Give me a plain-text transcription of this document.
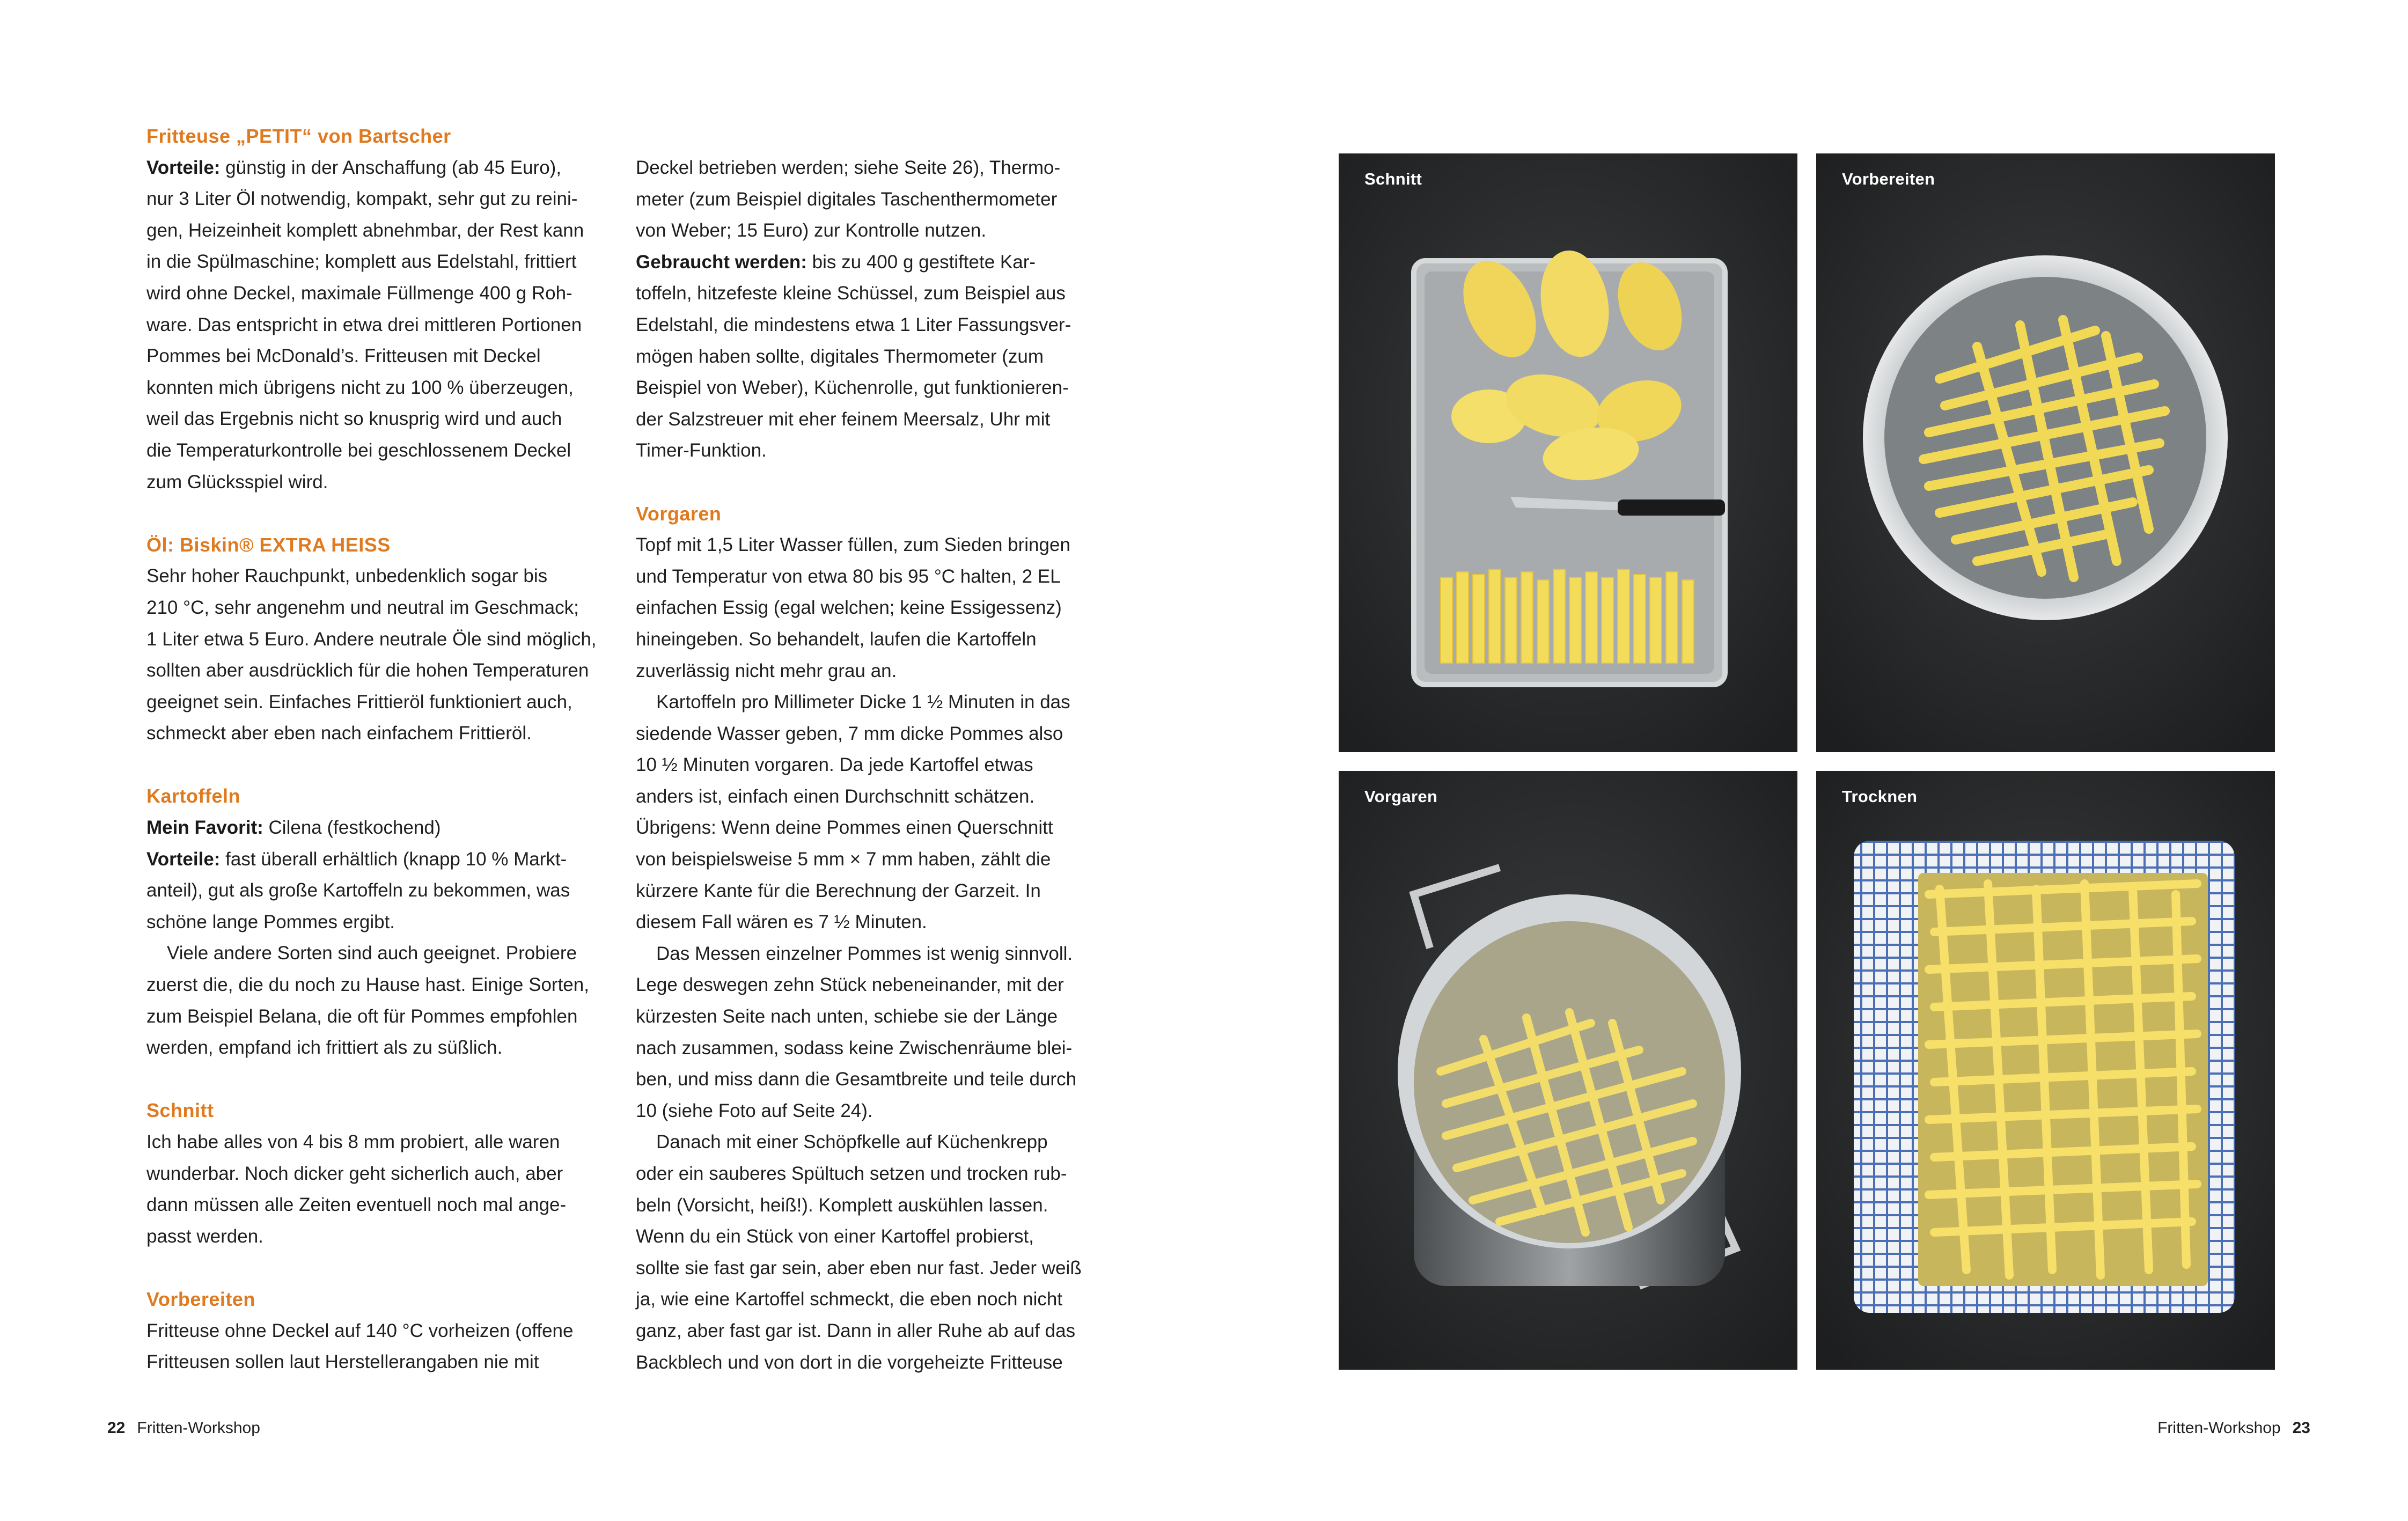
Fritteuse „PETIT“ von Bartscher

Vorteile: günstig in der Anschaffung (ab 45 Euro),

nur 3 Liter Öl notwendig, kompakt, sehr gut zu reini-

gen, Heizeinheit komplett abnehmbar, der Rest kann

in die Spülmaschine; komplett aus Edelstahl, frittiert

wird ohne Deckel, maximale Füllmenge 400 g Roh-

ware. Das entspricht in etwa drei mittleren Portionen

Pommes bei McDonald’s. Fritteusen mit Deckel

konnten mich übrigens nicht zu 100 % überzeugen,

weil das Ergebnis nicht so knusprig wird und auch

die Temperaturkontrolle bei geschlossenem Deckel

zum Glücksspiel wird.

Öl: Biskin® EXTRA HEISS

Sehr hoher Rauchpunkt, unbedenklich sogar bis

210 °C, sehr angenehm und neutral im Geschmack;

1 Liter etwa 5 Euro. Andere neutrale Öle sind möglich,

sollten aber ausdrücklich für die hohen Temperaturen

geeignet sein. Einfaches Frittieröl funktioniert auch,

schmeckt aber eben nach einfachem Frittieröl.

Kartoffeln

Mein Favorit: Cilena (festkochend)

Vorteile: fast überall erhältlich (knapp 10 % Markt-

anteil), gut als große Kartoffeln zu bekommen, was

schöne lange Pommes ergibt.

Viele andere Sorten sind auch geeignet. Probiere

zuerst die, die du noch zu Hause hast. Einige Sorten,

zum Beispiel Belana, die oft für Pommes empfohlen

werden, empfand ich frittiert als zu süßlich.

Schnitt

Ich habe alles von 4 bis 8 mm probiert, alle waren

wunderbar. Noch dicker geht sicherlich auch, aber

dann müssen alle Zeiten eventuell noch mal ange-

passt werden.

Vorbereiten

Fritteuse ohne Deckel auf 140 °C vorheizen (offene

Fritteusen sollen laut Herstellerangaben nie mit

Deckel betrieben werden; siehe Seite 26), Thermo-

meter (zum Beispiel digitales Taschenthermometer

von Weber; 15 Euro) zur Kontrolle nutzen.

Gebraucht werden: bis zu 400 g gestiftete Kar-

toffeln, hitzefeste kleine Schüssel, zum Beispiel aus

Edelstahl, die mindestens etwa 1 Liter Fassungsver-

mögen haben sollte, digitales Thermometer (zum

Beispiel von Weber), Küchenrolle, gut funktionieren-

der Salzstreuer mit eher feinem Meersalz, Uhr mit

Timer-Funktion.

Vorgaren

Topf mit 1,5 Liter Wasser füllen, zum Sieden bringen

und Temperatur von etwa 80 bis 95 °C halten, 2 EL

einfachen Essig (egal welchen; keine Essigessenz)

hineingeben. So behandelt, laufen die Kartoffeln

zuverlässig nicht mehr grau an.

Kartoffeln pro Millimeter Dicke 1 ½ Minuten in das

siedende Wasser geben, 7 mm dicke Pommes also

10 ½ Minuten vorgaren. Da jede Kartoffel etwas

anders ist, einfach einen Durchschnitt schätzen.

Übrigens: Wenn deine Pommes einen Querschnitt

von beispielsweise 5 mm × 7 mm haben, zählt die

kürzere Kante für die Berechnung der Garzeit. In

diesem Fall wären es 7 ½ Minuten.

Das Messen einzelner Pommes ist wenig sinnvoll.

Lege deswegen zehn Stück nebeneinander, mit der

kürzesten Seite nach unten, schiebe sie der Länge

nach zusammen, sodass keine Zwischenräume blei-

ben, und miss dann die Gesamtbreite und teile durch

10 (siehe Foto auf Seite 24).

Danach mit einer Schöpfkelle auf Küchenkrepp

oder ein sauberes Spültuch setzen und trocken rub-

beln (Vorsicht, heiß!). Komplett auskühlen lassen.

Wenn du ein Stück von einer Kartoffel probierst,

sollte sie fast gar sein, aber eben nur fast. Jeder weiß

ja, wie eine Kartoffel schmeckt, die eben noch nicht

ganz, aber fast gar ist. Dann in aller Ruhe ab auf das

Backblech und von dort in die vorgeheizte Fritteuse

Schnitt	Vorbereiten
Vorgaren	Trocknen
22 Fritten-Workshop	Fritten-Workshop 23
